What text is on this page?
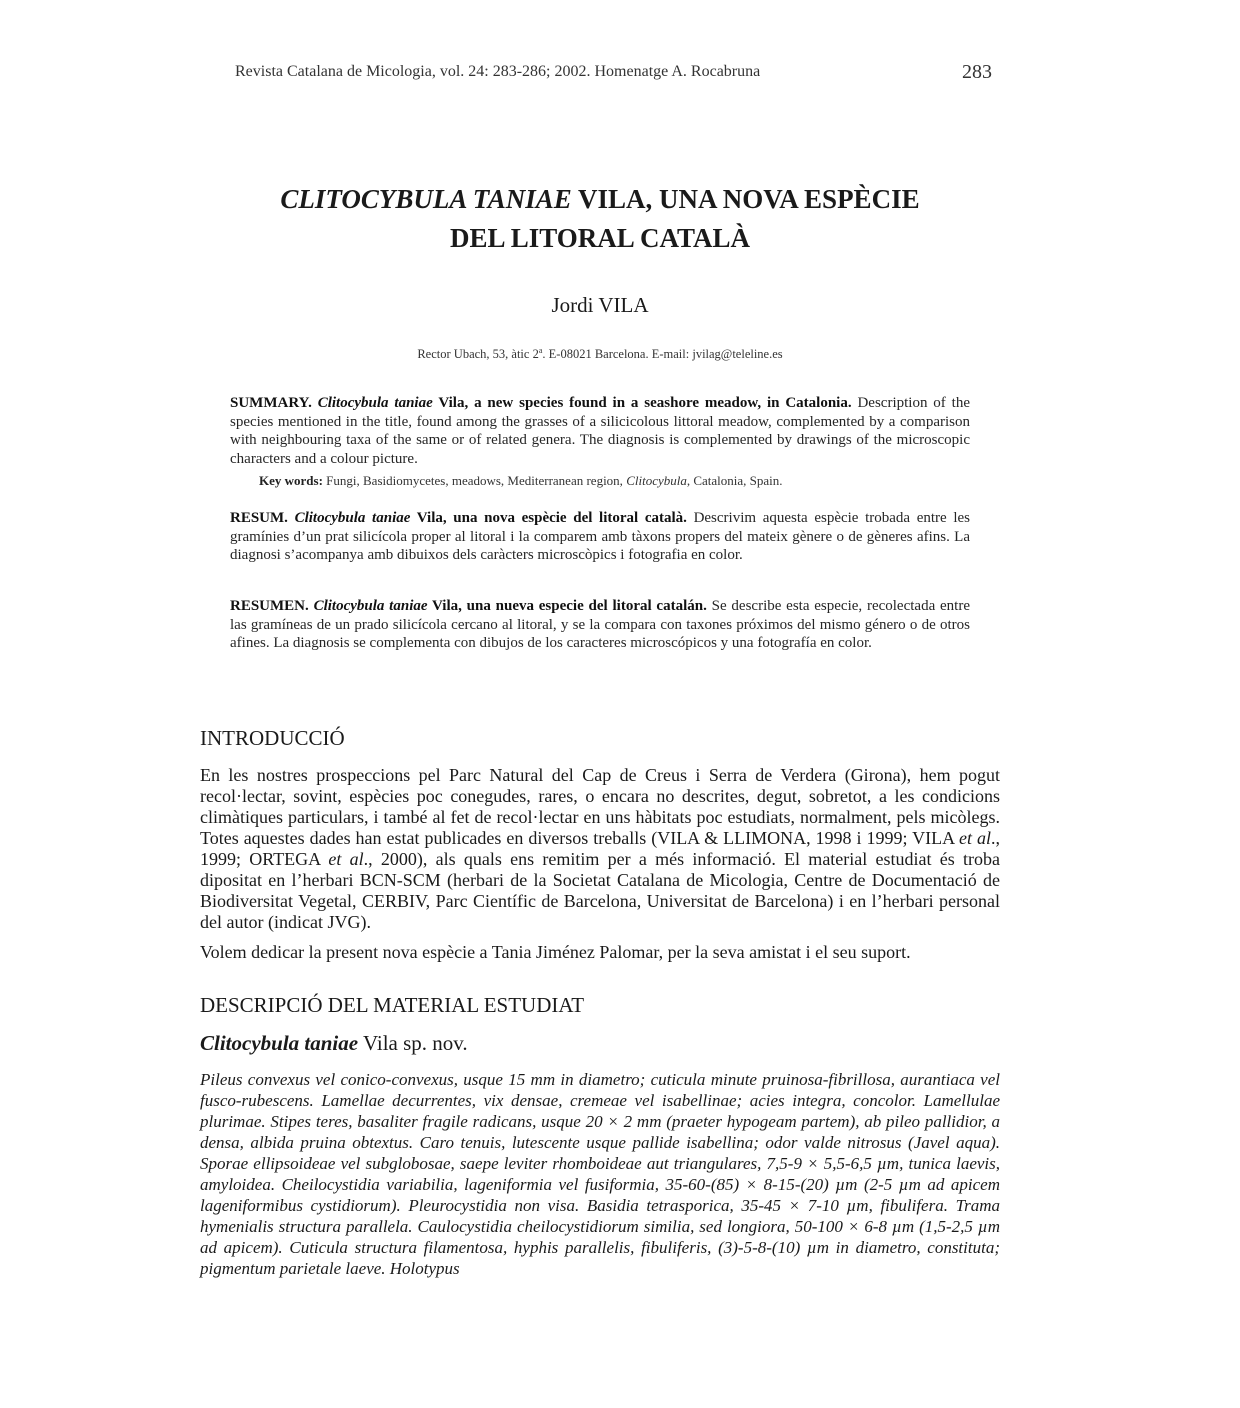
Revista Catalana de Micologia, vol. 24: 283-286; 2002. Homenatge A. Rocabruna	283
CLITOCYBULA TANIAE VILA, UNA NOVA ESPÈCIE
DEL LITORAL CATALÀ
Jordi VILA
Rector Ubach, 53, àtic 2$^a$. E-08021 Barcelona. E-mail: jvilag@teleline.es
SUMMARY. Clitocybula taniae Vila, a new species found in a seashore meadow, in Catalonia. Description of the species mentioned in the title, found among the grasses of a silicicolous littoral meadow, complemented by a comparison with neighbouring taxa of the same or of related genera. The diagnosis is complemented by drawings of the microscopic characters and a colour picture.
Key words: Fungi, Basidiomycetes, meadows, Mediterranean region, Clitocybula, Catalonia, Spain.
RESUM. Clitocybula taniae Vila, una nova espècie del litoral català. Descrivim aquesta espècie trobada entre les gramínies d’un prat silicícola proper al litoral i la comparem amb tàxons propers del mateix gènere o de gèneres afins. La diagnosi s’acompanya amb dibuixos dels caràcters microscòpics i fotografia en color.
RESUMEN. Clitocybula taniae Vila, una nueva especie del litoral catalán. Se describe esta especie, recolectada entre las gramíneas de un prado silicícola cercano al litoral, y se la compara con taxones próximos del mismo género o de otros afines. La diagnosis se complementa con dibujos de los caracteres microscópicos y una fotografía en color.
INTRODUCCIÓ
En les nostres prospeccions pel Parc Natural del Cap de Creus i Serra de Verdera (Girona), hem pogut recol·lectar, sovint, espècies poc conegudes, rares, o encara no descrites, degut, sobretot, a les condicions climàtiques particulars, i també al fet de recol·lectar en uns hàbitats poc estudiats, normalment, pels micòlegs. Totes aquestes dades han estat publicades en diversos treballs (VILA & LLIMONA, 1998 i 1999; VILA et al., 1999; ORTEGA et al., 2000), als quals ens remitim per a més informació. El material estudiat és troba dipositat en l’herbari BCN-SCM (herbari de la Societat Catalana de Micologia, Centre de Documentació de Biodiversitat Vegetal, CERBIV, Parc Científic de Barcelona, Universitat de Barcelona) i en l’herbari personal del autor (indicat JVG).
Volem dedicar la present nova espècie a Tania Jiménez Palomar, per la seva amistat i el seu suport.
DESCRIPCIÓ DEL MATERIAL ESTUDIAT
Clitocybula taniae Vila sp. nov.
Pileus convexus vel conico-convexus, usque 15 mm in diametro; cuticula minute pruinosa-fibrillosa, aurantiaca vel fusco-rubescens. Lamellae decurrentes, vix densae, cremeae vel isabellinae; acies integra, concolor. Lamellulae plurimae. Stipes teres, basaliter fragile radicans, usque 20 × 2 mm (praeter hypogeam partem), ab pileo pallidior, a densa, albida pruina obtextus. Caro tenuis, lutescente usque pallide isabellina; odor valde nitrosus (Javel aqua). Sporae ellipsoideae vel subglobosae, saepe leviter rhomboideae aut triangulares, 7,5-9 × 5,5-6,5 µm, tunica laevis, amyloidea. Cheilocystidia variabilia, lageniformia vel fusiformia, 35-60-(85) × 8-15-(20) µm (2-5 µm ad apicem lageniformibus cystidiorum). Pleurocystidia non visa. Basidia tetrasporica, 35-45 × 7-10 µm, fibulifera. Trama hymenialis structura parallela. Caulocystidia cheilocystidiorum similia, sed longiora, 50-100 × 6-8 µm (1,5-2,5 µm ad apicem). Cuticula structura filamentosa, hyphis parallelis, fibuliferis, (3)-5-8-(10) µm in diametro, constituta; pigmentum parietale laeve. Holotypus
